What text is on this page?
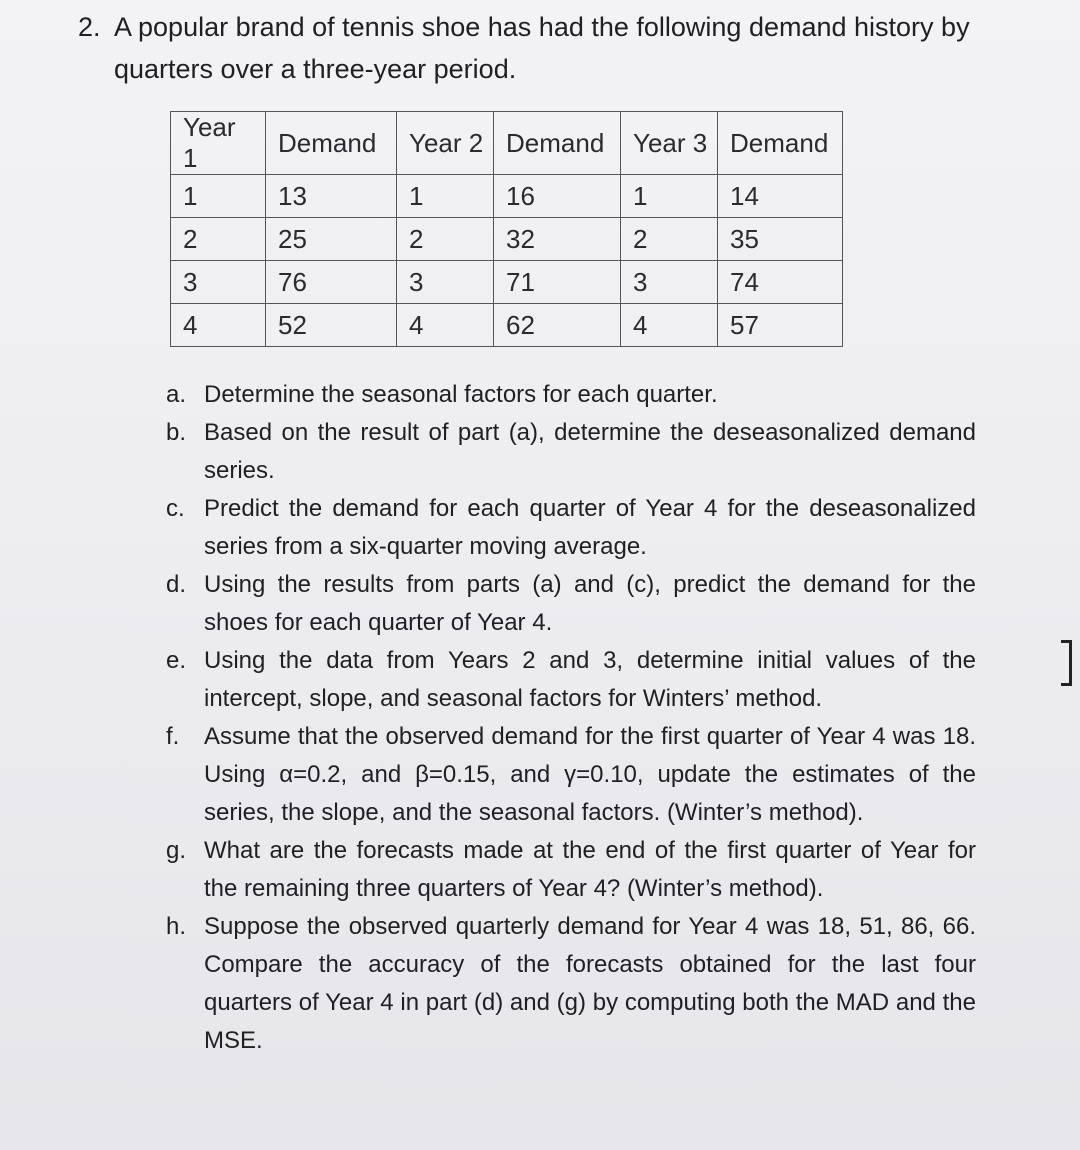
2. A popular brand of tennis shoe has had the following demand history by
quarters over a three-year period.
Year 1	Demand	Year 2	Demand	Year 3	Demand
1	13	1	16	1	14
2	25	2	32	2	35
3	76	3	71	3	74
4	52	4	62	4	57
a. Determine the seasonal factors for each quarter.
b. Based on the result of part (a), determine the deseasonalized demand series.
c. Predict the demand for each quarter of Year 4 for the deseasonalized series from a six-quarter moving average.
d. Using the results from parts (a) and (c), predict the demand for the shoes for each quarter of Year 4.
e. Using the data from Years 2 and 3, determine initial values of the intercept, slope, and seasonal factors for Winters’ method.
f.	Assume that the observed demand for the first quarter of Year 4 was 18. Using α=0.2, and β=0.15, and γ=0.10, update the estimates of the series, the slope, and the seasonal factors. (Winter’s method).
g. What are the forecasts made at the end of the first quarter of Year for the remaining three quarters of Year 4? (Winter’s method).
h. Suppose the observed quarterly demand for Year 4 was 18, 51, 86, 66. Compare the accuracy of the forecasts obtained for the last four quarters of Year 4 in part (d) and (g) by computing both the MAD and the MSE.
